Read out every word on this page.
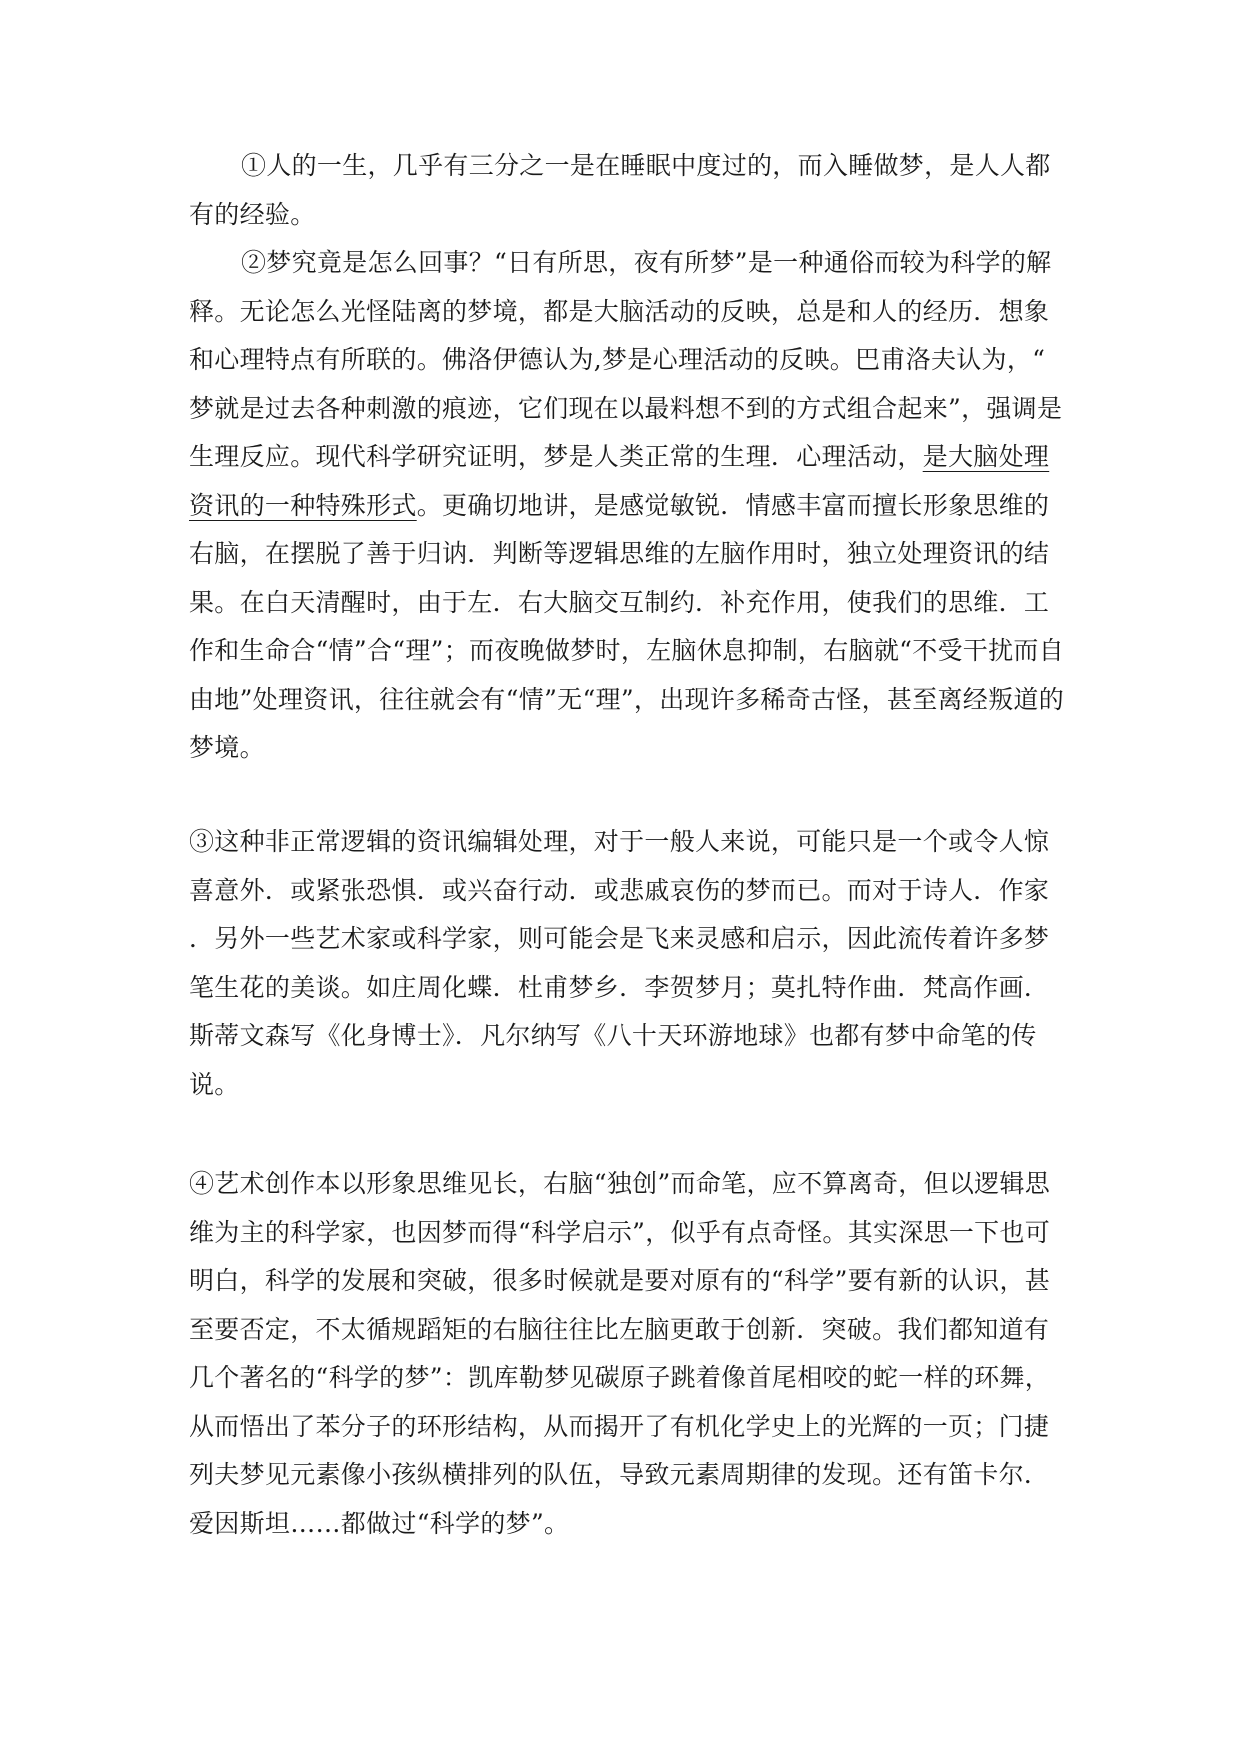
①人的一生，几乎有三分之一是在睡眠中度过的，而入睡做梦，是人人都
有的经验。

②梦究竟是怎么回事？“日有所思，夜有所梦”是一种通俗而较为科学的解
释。无论怎么光怪陆离的梦境，都是大脑活动的反映，总是和人的经历．想象
和心理特点有所联的。佛洛伊德认为,梦是心理活动的反映。巴甫洛夫认为，“
梦就是过去各种刺激的痕迹，它们现在以最料想不到的方式组合起来”，强调是
生理反应。现代科学研究证明，梦是人类正常的生理．心理活动，是大脑处理
资讯的一种特殊形式。更确切地讲，是感觉敏锐．情感丰富而擅长形象思维的
右脑，在摆脱了善于归讷．判断等逻辑思维的左脑作用时，独立处理资讯的结
果。在白天清醒时，由于左．右大脑交互制约．补充作用，使我们的思维．工
作和生命合“情”合“理”；而夜晚做梦时，左脑休息抑制，右脑就“不受干扰而自
由地”处理资讯，往往就会有“情”无“理”，出现许多稀奇古怪，甚至离经叛道的
梦境。

③这种非正常逻辑的资讯编辑处理，对于一般人来说，可能只是一个或令人惊
喜意外．或紧张恐惧．或兴奋行动．或悲戚哀伤的梦而已。而对于诗人．作家
．另外一些艺术家或科学家，则可能会是飞来灵感和启示，因此流传着许多梦
笔生花的美谈。如庄周化蝶．杜甫梦乡．李贺梦月；莫扎特作曲．梵高作画．
斯蒂文森写《化身博士》．凡尔纳写《八十天环游地球》也都有梦中命笔的传
说。

④艺术创作本以形象思维见长，右脑“独创”而命笔，应不算离奇，但以逻辑思
维为主的科学家，也因梦而得“科学启示”，似乎有点奇怪。其实深思一下也可
明白，科学的发展和突破，很多时候就是要对原有的“科学”要有新的认识，甚
至要否定，不太循规蹈矩的右脑往往比左脑更敢于创新．突破。我们都知道有
几个著名的“科学的梦”：凯库勒梦见碳原子跳着像首尾相咬的蛇一样的环舞，
从而悟出了苯分子的环形结构，从而揭开了有机化学史上的光辉的一页；门捷
列夫梦见元素像小孩纵横排列的队伍，导致元素周期律的发现。还有笛卡尔．
爱因斯坦……都做过“科学的梦”。
